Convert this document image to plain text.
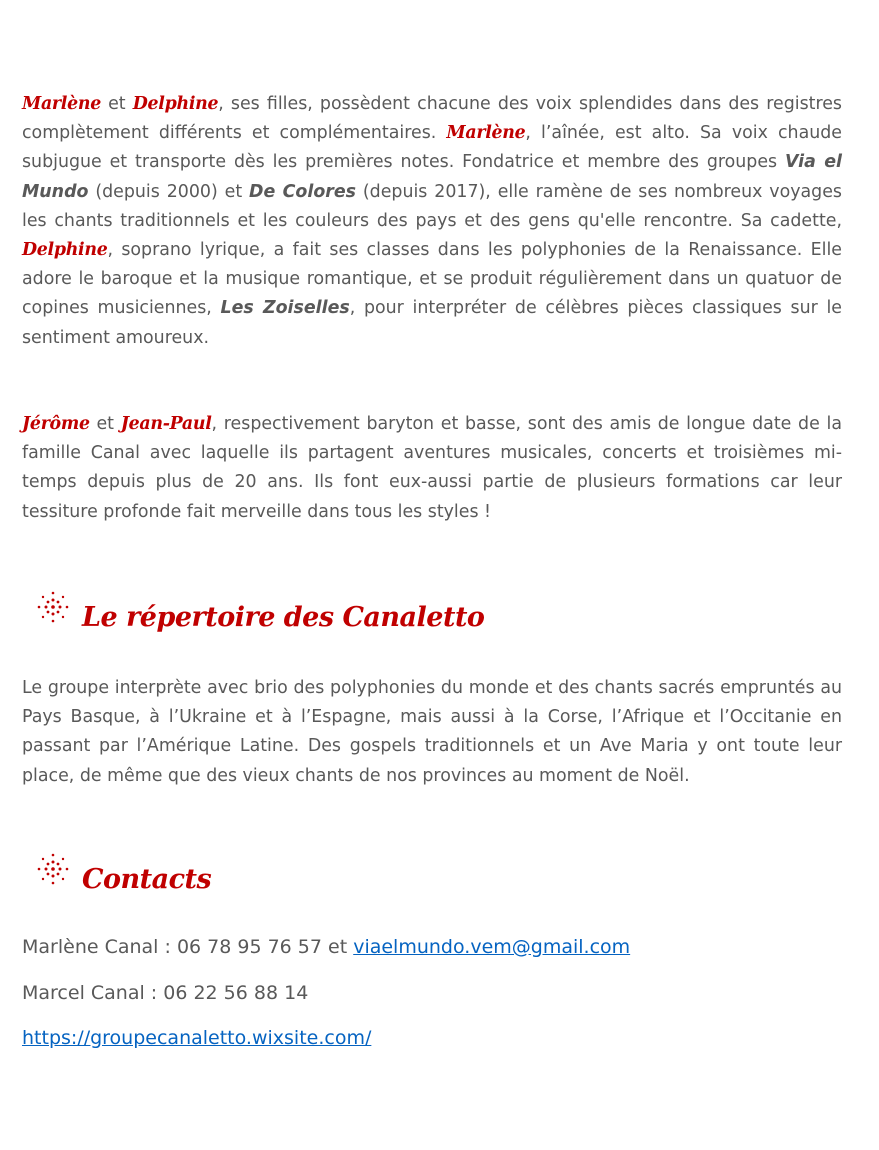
Marlène et Delphine, ses filles, possèdent chacune des voix splendides dans des registres complètement différents et complémentaires. Marlène, l’aînée, est alto. Sa voix chaude subjugue et transporte dès les premières notes. Fondatrice et membre des groupes Via el Mundo (depuis 2000) et De Colores (depuis 2017), elle ramène de ses nombreux voyages les chants traditionnels et les couleurs des pays et des gens qu'elle rencontre. Sa cadette, Delphine, soprano lyrique, a fait ses classes dans les polyphonies de la Renaissance. Elle adore le baroque et la musique romantique, et se produit régulièrement dans un quatuor de copines musiciennes, Les Zoiselles, pour interpréter de célèbres pièces classiques sur le sentiment amoureux.

Jérôme et Jean-Paul, respectivement baryton et basse, sont des amis de longue date de la famille Canal avec laquelle ils partagent aventures musicales, concerts et troisièmes mi-temps depuis plus de 20 ans. Ils font eux-aussi partie de plusieurs formations car leur tessiture profonde fait merveille dans tous les styles !

Le répertoire des Canaletto

Le groupe interprète avec brio des polyphonies du monde et des chants sacrés empruntés au Pays Basque, à l’Ukraine et à l’Espagne, mais aussi à la Corse, l’Afrique et l’Occitanie en passant par l’Amérique Latine. Des gospels traditionnels et un Ave Maria y ont toute leur place, de même que des vieux chants de nos provinces au moment de Noël.

Contacts

Marlène Canal : 06 78 95 76 57 et viaelmundo.vem@gmail.com

Marcel Canal : 06 22 56 88 14

https://groupecanaletto.wixsite.com/
